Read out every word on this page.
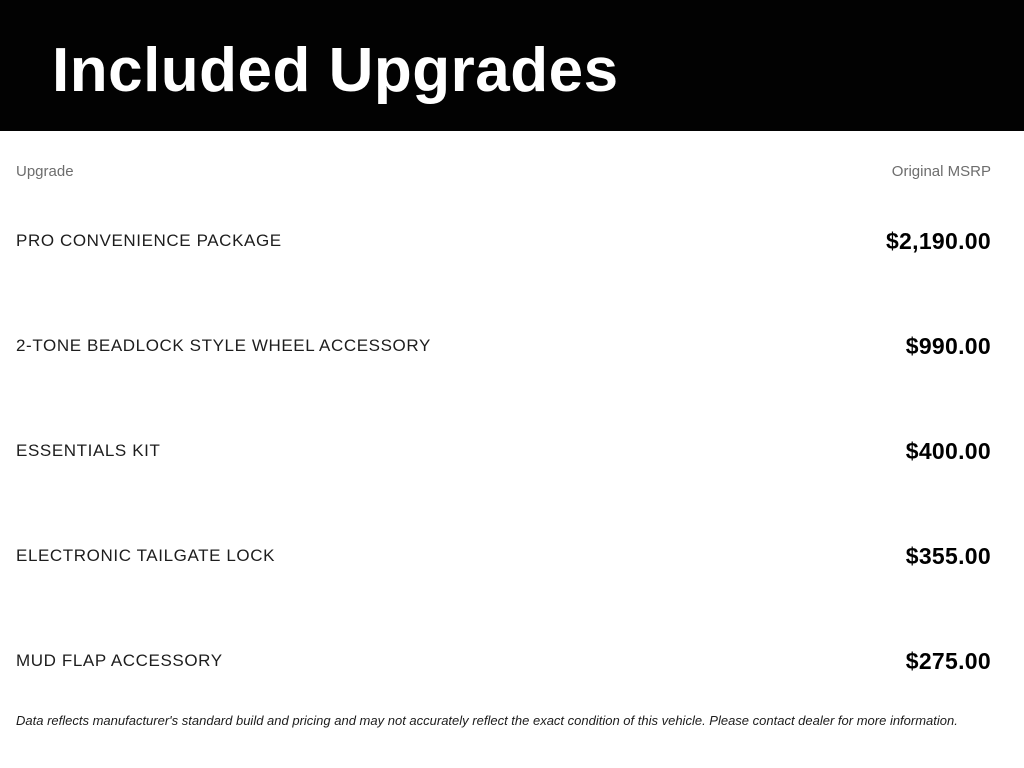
Included Upgrades
Upgrade	Original MSRP
PRO CONVENIENCE PACKAGE	$2,190.00
2-TONE BEADLOCK STYLE WHEEL ACCESSORY	$990.00
ESSENTIALS KIT	$400.00
ELECTRONIC TAILGATE LOCK	$355.00
MUD FLAP ACCESSORY	$275.00
Data reflects manufacturer's standard build and pricing and may not accurately reflect the exact condition of this vehicle. Please contact dealer for more information.
